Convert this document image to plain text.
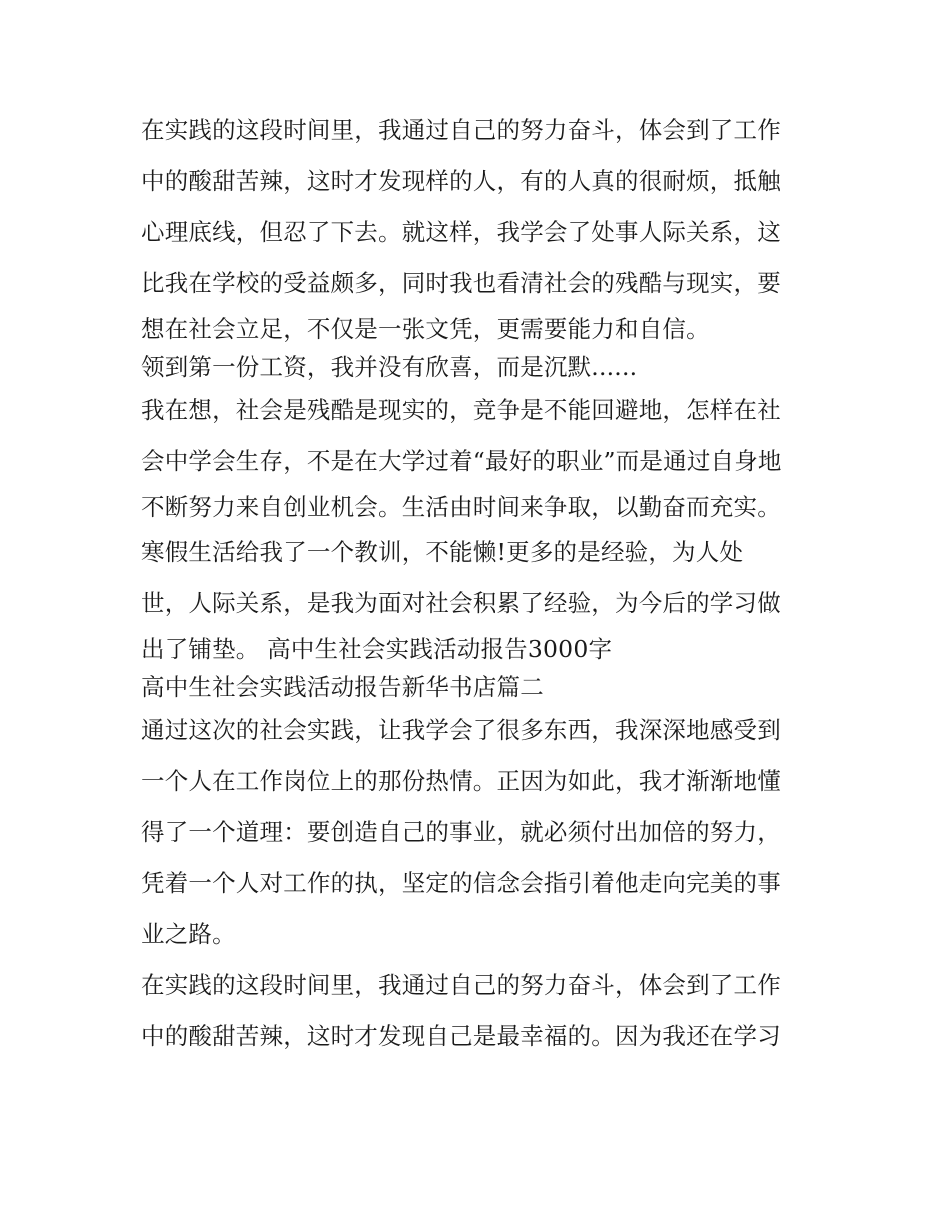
在实践的这段时间里，我通过自己的努力奋斗，体会到了工作
中的酸甜苦辣，这时才发现样的人，有的人真的很耐烦，抵触
心理底线，但忍了下去。就这样，我学会了处事人际关系，这
比我在学校的受益颇多，同时我也看清社会的残酷与现实，要
想在社会立足，不仅是一张文凭，更需要能力和自信。
领到第一份工资，我并没有欣喜，而是沉默......
我在想，社会是残酷是现实的，竞争是不能回避地，怎样在社
会中学会生存，不是在大学过着“最好的职业”而是通过自身地
不断努力来自创业机会。生活由时间来争取，以勤奋而充实。
寒假生活给我了一个教训，不能懒!更多的是经验，为人处
世，人际关系，是我为面对社会积累了经验，为今后的学习做
出了铺垫。 高中生社会实践活动报告3000字
高中生社会实践活动报告新华书店篇二
通过这次的社会实践，让我学会了很多东西，我深深地感受到
一个人在工作岗位上的那份热情。正因为如此，我才渐渐地懂
得了一个道理：要创造自己的事业，就必须付出加倍的努力，
凭着一个人对工作的执，坚定的信念会指引着他走向完美的事
业之路。
在实践的这段时间里，我通过自己的努力奋斗，体会到了工作
中的酸甜苦辣，这时才发现自己是最幸福的。因为我还在学习
